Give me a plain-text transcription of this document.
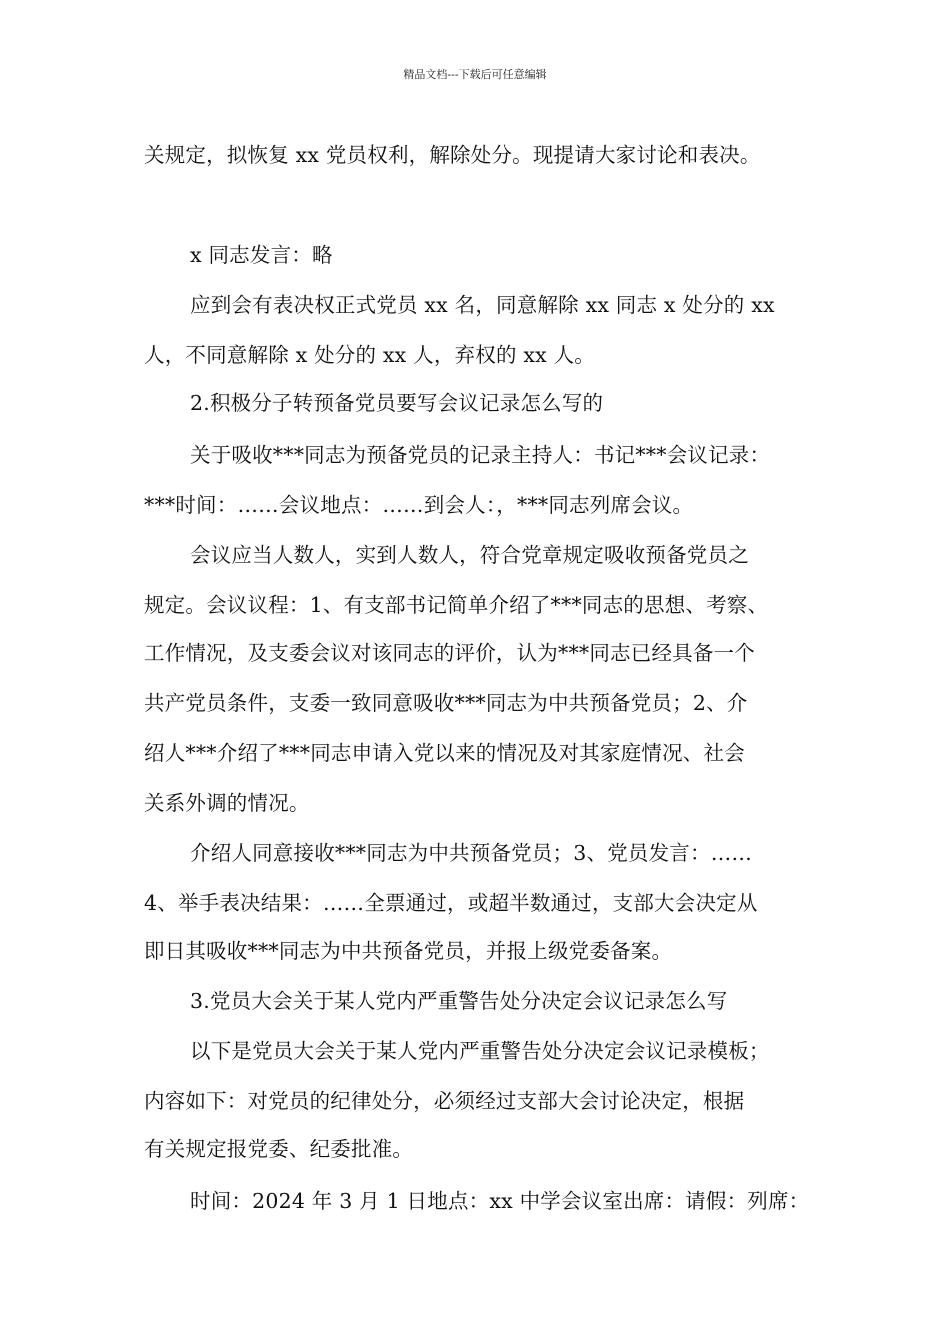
精品文档---下载后可任意编辑
关规定，拟恢复 xx 党员权利，解除处分。现提请大家讨论和表决。
x 同志发言：略
应到会有表决权正式党员 xx 名，同意解除 xx 同志 x 处分的 xx
人，不同意解除 x 处分的 xx 人，弃权的 xx 人。
2.积极分子转预备党员要写会议记录怎么写的
关于吸收***同志为预备党员的记录主持人：书记***会议记录：
***时间：……会议地点：……到会人：，***同志列席会议。
会议应当人数人，实到人数人，符合党章规定吸收预备党员之
规定。会议议程：1、有支部书记简单介绍了***同志的思想、考察、
工作情况，及支委会议对该同志的评价，认为***同志已经具备一个
共产党员条件，支委一致同意吸收***同志为中共预备党员；2、介
绍人***介绍了***同志申请入党以来的情况及对其家庭情况、社会
关系外调的情况。
介绍人同意接收***同志为中共预备党员；3、党员发言：……
4、举手表决结果：……全票通过，或超半数通过，支部大会决定从
即日其吸收***同志为中共预备党员，并报上级党委备案。
3.党员大会关于某人党内严重警告处分决定会议记录怎么写
以下是党员大会关于某人党内严重警告处分决定会议记录模板；
内容如下：对党员的纪律处分，必须经过支部大会讨论决定，根据
有关规定报党委、纪委批准。
时间：2024 年 3 月 1 日地点：xx 中学会议室出席：请假：列席：
